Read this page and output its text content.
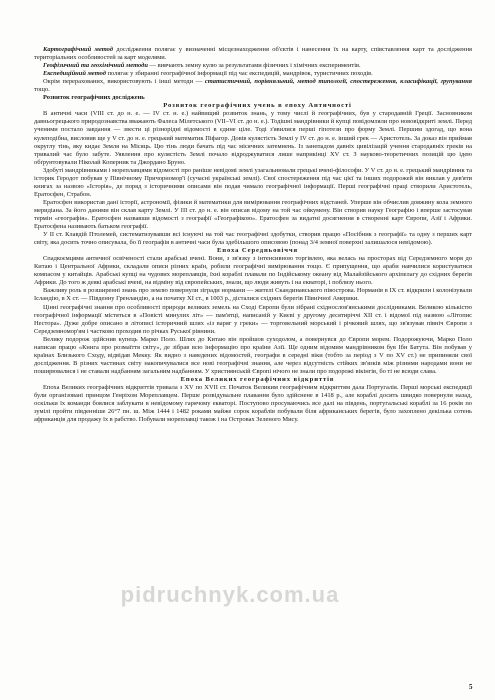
Картографічний метод дослідження полягає у визначенні місцезнаходження об'єктів і нанесення їх на карту, співставлення карт та дослідження територіальних особливостей за карт моделями.

Геофізичний та геохімічний методи — вивчають земну кулю за результатами фізичних і хімічних експериментів.

Експедиційний метод полягає у збиранні географічної інформації під час експедицій, мандрівок, туристичних походів.

Окрім перерахованих, використовують і інші методи — статистичний, порівняльний, метод типології, спостереження, класифікації, групування тощо.

Розвиток географічних досліджень

Розвиток географічних учень в епоху Античності

В античні часи (VIII ст. до н. е. — IV ст. н. е.) найвищий розвиток знань, у тому числі й географічних, був у стародавній Греції. Засновником давньогрецького природознавства вважають Фалеса Мілетського (VII–VI ст. до н. е.). Тодішні мандрівники й купці повідомляли про нововідкриті землі. Перед ученими постало завдання — звести ці різнорідні відомості в єдине ціле. Тоді з'явилися перші гіпотези про форму Землі. Першим здогад, що вона кулеподібна, висловив ще у V ст. до н. е. грецький математик Піфагор. Довів кулястість Землі у IV ст. до н. е. інший грек — Аристотель. За доказ він приймав округлу тінь, яку кидає Земля на Місяць. Цю тінь люди бачать під час місячних затемнень. Із занепадом давніх цивілізацій учення стародавніх греків на тривалий час було забуте. Уявлення про кулястість Землі почало відроджуватися лише наприкінці XV ст. З науково-теоретичних позицій цю ідею обґрунтовували Ніколай Коперник та Джордано Бруно.

Здобуті мандрівниками і мореплавцями відомості про раніше невідомі землі узагальнювали грецькі вчені-філософи. У V ст. до н. е. грецький мандрівник та історик Геродот побував у Північному Причорномор'ї (сучасні українські землі). Свої спостереження під час цієї та інших подорожей він виклав у дев'яти книгах за назвою «Історія», де поряд з історичними описами він подав чимало географічної інформації. Перші географічні праці створили Аристотель, Ератосфен, Страбон.

Ератосфен використав дані історії, астрономії, фізики й математики для вимірювання географічних відстаней. Уперше він обчислив довжину кола земного меридіана. За його даними він склав карту Землі. У III ст. до н. е. він описав відому на той час ойкумену. Він створив науку Географію і вперше застосував термін «географія». Ератосфен назвавши відомості з географії «Географікою». Ератосфен за видатні досягнення в створенні карт Європи, Азії і Африки. Ератосфена називають батьком географії.

У II ст. Клавдій Птолемей, систематизувавши всі існуючі на той час географічні здобутки, створив працю «Посібник з географії» та одну з перших карт світу, яка досить точно описувала, бо її географія в античні часи була здебільшого описовою (понад 3/4 земної поверхні залишалося невідомою).

Епоха Середньовіччя

Спадкоємцями античної освіченості стали арабські вчені. Вони, з зв'язку з інтенсивною торгівлею, яка велась на просторах від Середземного моря до Китаю і Центральної Африки, складали описи різних країн, робили географічні вимірювання тощо. Є припущення, що араби навчилися користуватися компасом у китайців. Арабські купці на чудових мореплавців, їхні кораблі плавали по Індійському океану від Малайзійського архіпелагу до східних берегів Африки. До того ж деякі арабські вчені, на відміну від європейських, знали, що люди живуть і на екваторі, і поблизу нього.

Важливу роль в розширенні знань про землю повернули зігради нормани — жителі Скандинавського півострова. Норманів в IX ст. відкрили і колонізували Ісландію, в X ст. — Південну Гренландію, а на початку XI ст., в 1003 р., дісталися східних берегів Північної Америки.

Цінні географічні знання про особливості природи великих земель на Сході Європи були зібрані східнослов'янськими дослідниками. Великою кількістю географічної інформації містяться в «Повісті минулих літ» — пам'ятці, написаній у Києві у другому десятиріччі XII ст. і відомої під назвою «Літопис Нестора». Дуже добре описано в літописі історичний шлях «із варяг у греки» — торговельний морський і річковий шлях, що зв'язував північ Європи з Середземномор'ям і частково проходив по річках Руської рівнини.

Велику подорож здійснив купець Марко Поло. Шлях до Китаю він пройшов суходолом, а повернувся до Європи морем. Подорожуючи, Марко Поло написав працю «Книга про розмаїття світу», де зібрав всю інформацію про країни Азії. Ще одним відомим мандрівником був Ібн Батута. Він побував у країнах Близького Сходу, відвідав Мекку. Як видно з наведених відомостей, географи в середні віки (тобто за період з V по XV ст.) не припиняли свої дослідження. В різних частинах світу накопичувалися все нові географічні знання, але через відсутність стійких зв'язків між різними народами вони не поширювалися і не ставали надбанням загальним надбанням. У християнській Європі нічого не знали про подорожі вікінгів, бо ті не всюди слава.

Епоха Великих географічних відкриттів

Епоха Великих географічних відкриттів тривала з XV по XVII ст. Початок Великим географічним відкриттям дала Португалія. Перші морські експедиції були організовані принцом Генріхом Мореплавцем. Перше розвідувальне плавання було здійснене в 1418 р., але кораблі досить швидко повернули назад, оскільки їх команди боялися заблукати в невідомому гарячому екваторі. Поступово просуваючись все далі на південь, португальські кораблі за 16 років по зумілі пройти південніше 26°7 пн. ш. Між 1444 і 1482 роками майже сорок кораблів побували біля африканських берегів, було захоплено декілька сотень африканців для продажу їх в рабство. Побували мореплавці також і на Островах Зеленого Мису.

pidruchnyk.com.ua
5
